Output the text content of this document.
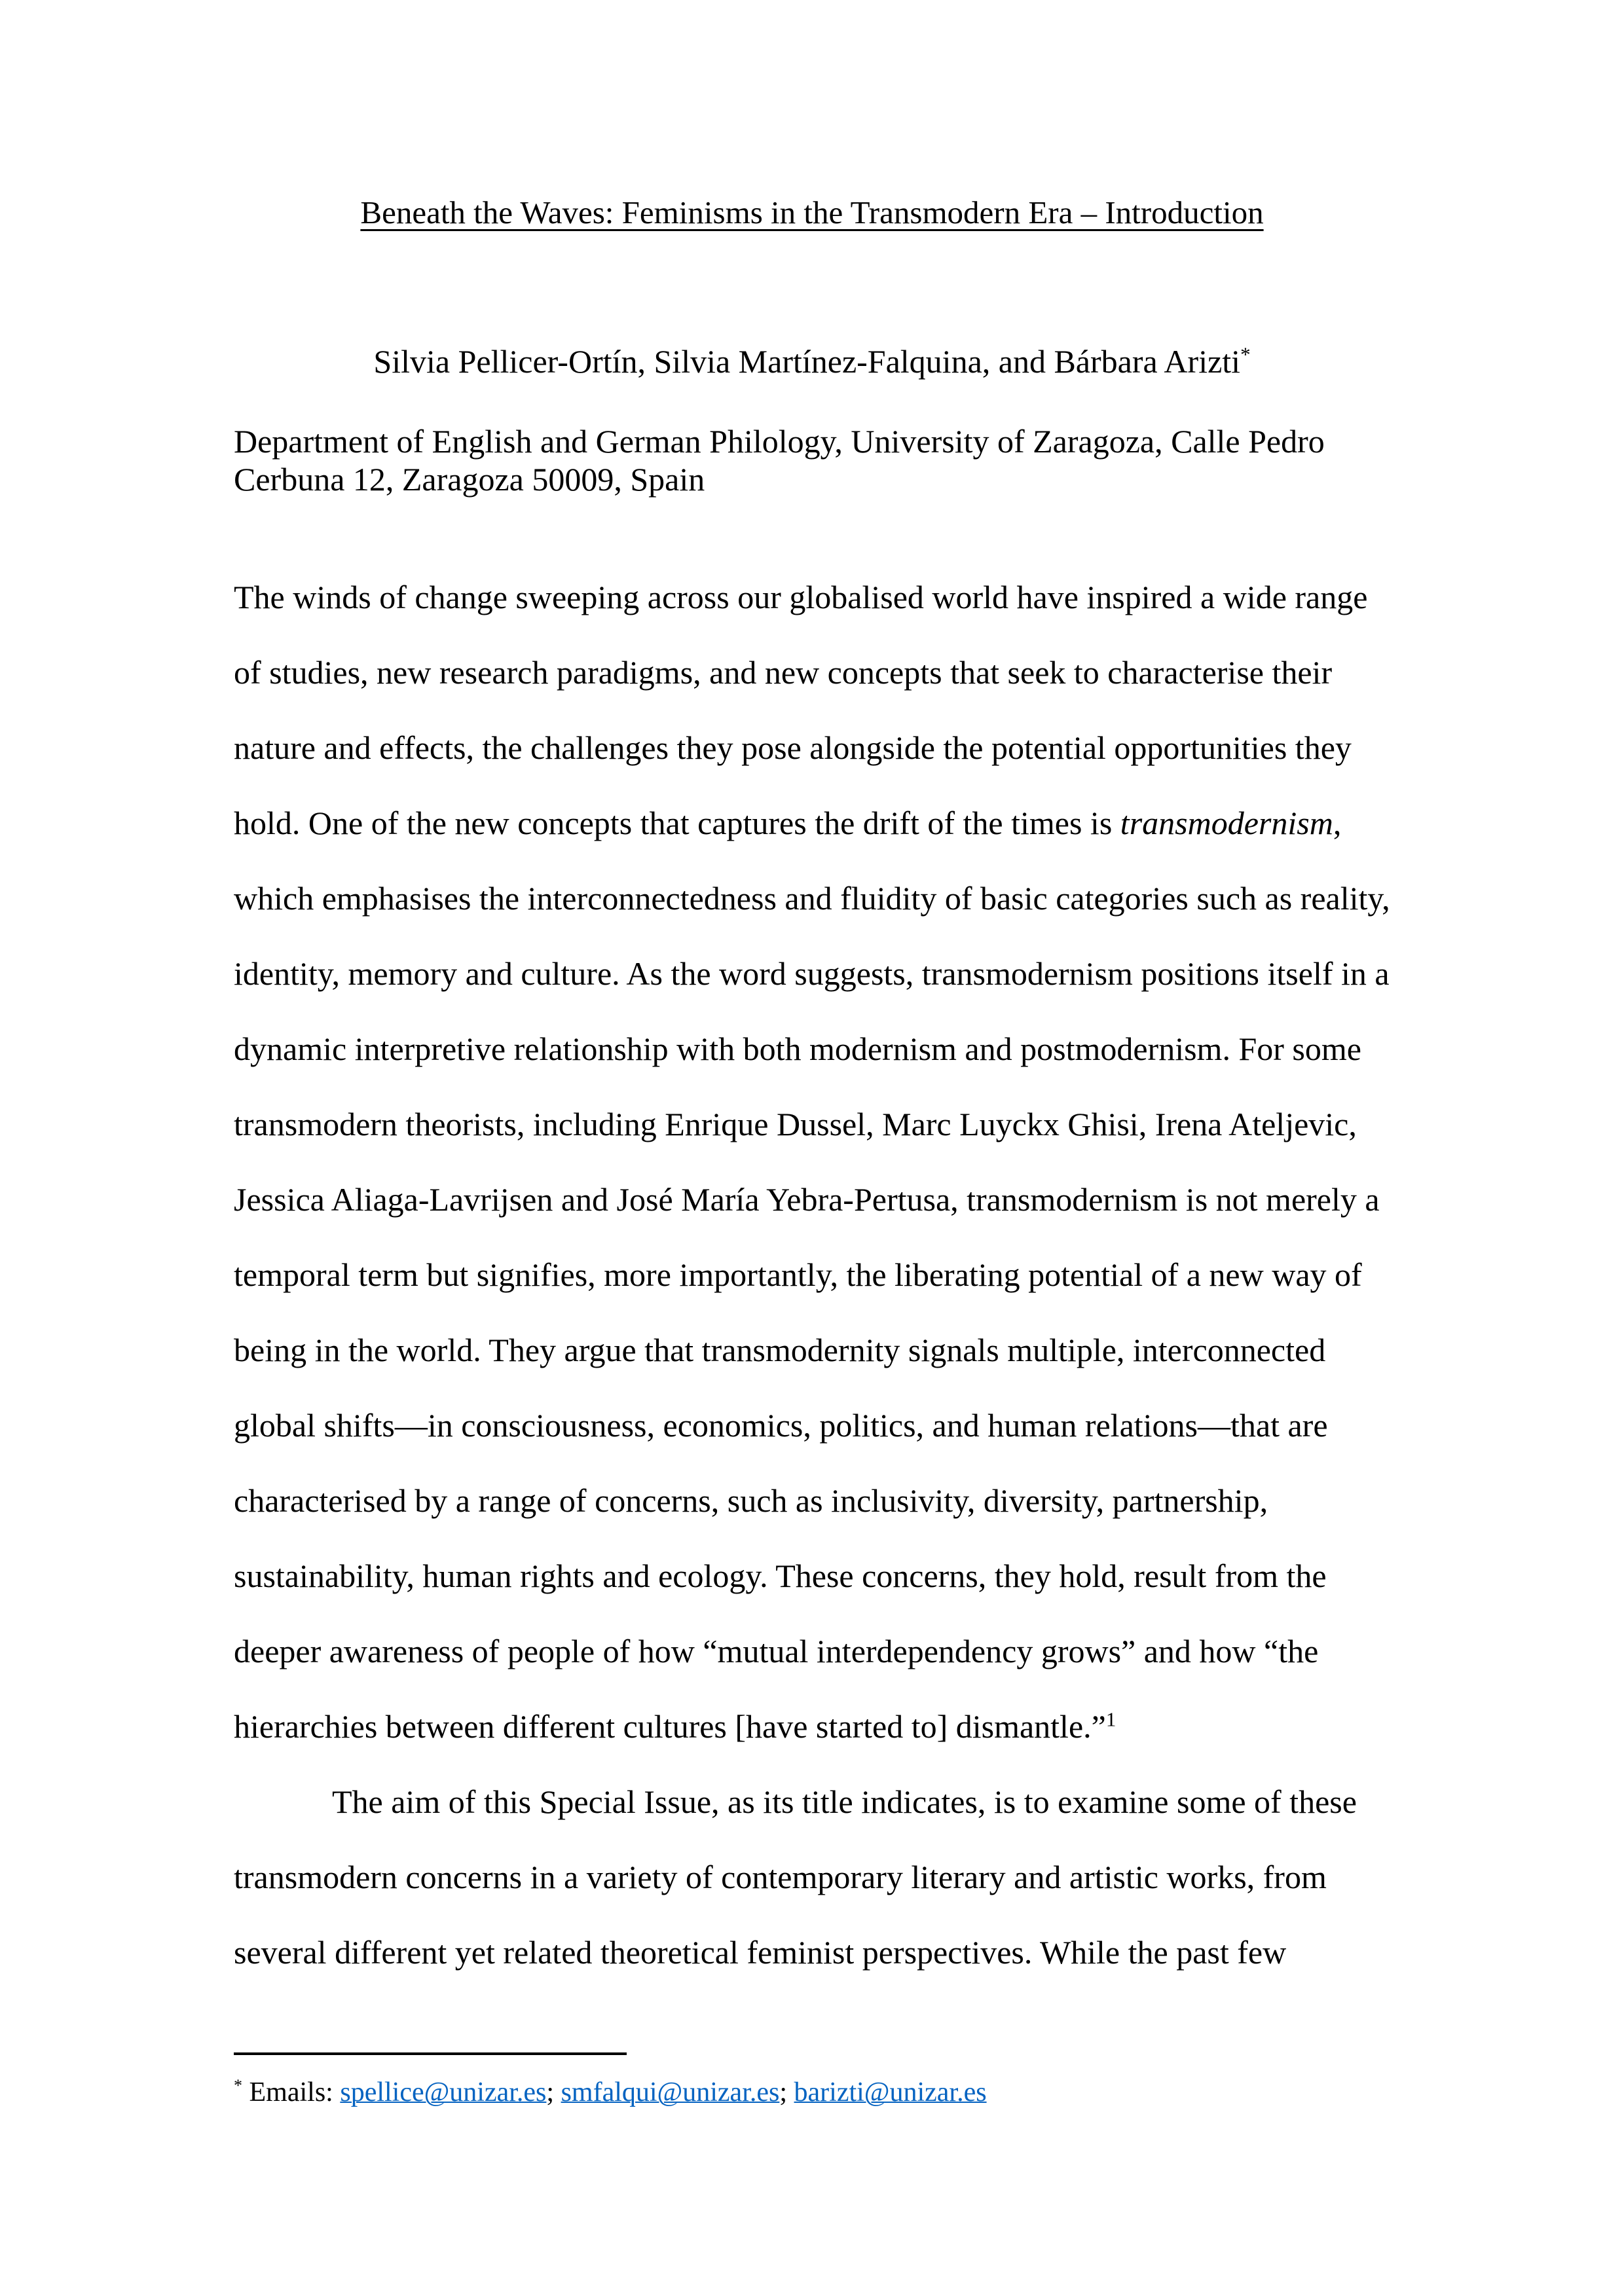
Beneath the Waves: Feminisms in the Transmodern Era – Introduction
Silvia Pellicer-Ortín, Silvia Martínez-Falquina, and Bárbara Arizti*
Department of English and German Philology, University of Zaragoza, Calle Pedro
Cerbuna 12, Zaragoza 50009, Spain
The winds of change sweeping across our globalised world have inspired a wide range
of studies, new research paradigms, and new concepts that seek to characterise their
nature and effects, the challenges they pose alongside the potential opportunities they
hold. One of the new concepts that captures the drift of the times is transmodernism,
which emphasises the interconnectedness and fluidity of basic categories such as reality,
identity, memory and culture. As the word suggests, transmodernism positions itself in a
dynamic interpretive relationship with both modernism and postmodernism. For some
transmodern theorists, including Enrique Dussel, Marc Luyckx Ghisi, Irena Ateljevic,
Jessica Aliaga-Lavrijsen and José María Yebra-Pertusa, transmodernism is not merely a
temporal term but signifies, more importantly, the liberating potential of a new way of
being in the world. They argue that transmodernity signals multiple, interconnected
global shifts—in consciousness, economics, politics, and human relations—that are
characterised by a range of concerns, such as inclusivity, diversity, partnership,
sustainability, human rights and ecology. These concerns, they hold, result from the
deeper awareness of people of how “mutual interdependency grows” and how “the
hierarchies between different cultures [have started to] dismantle.”$^1$
The aim of this Special Issue, as its title indicates, is to examine some of these
transmodern concerns in a variety of contemporary literary and artistic works, from
several different yet related theoretical feminist perspectives. While the past few
* Emails: spellice@unizar.es; smfalqui@unizar.es; barizti@unizar.es
